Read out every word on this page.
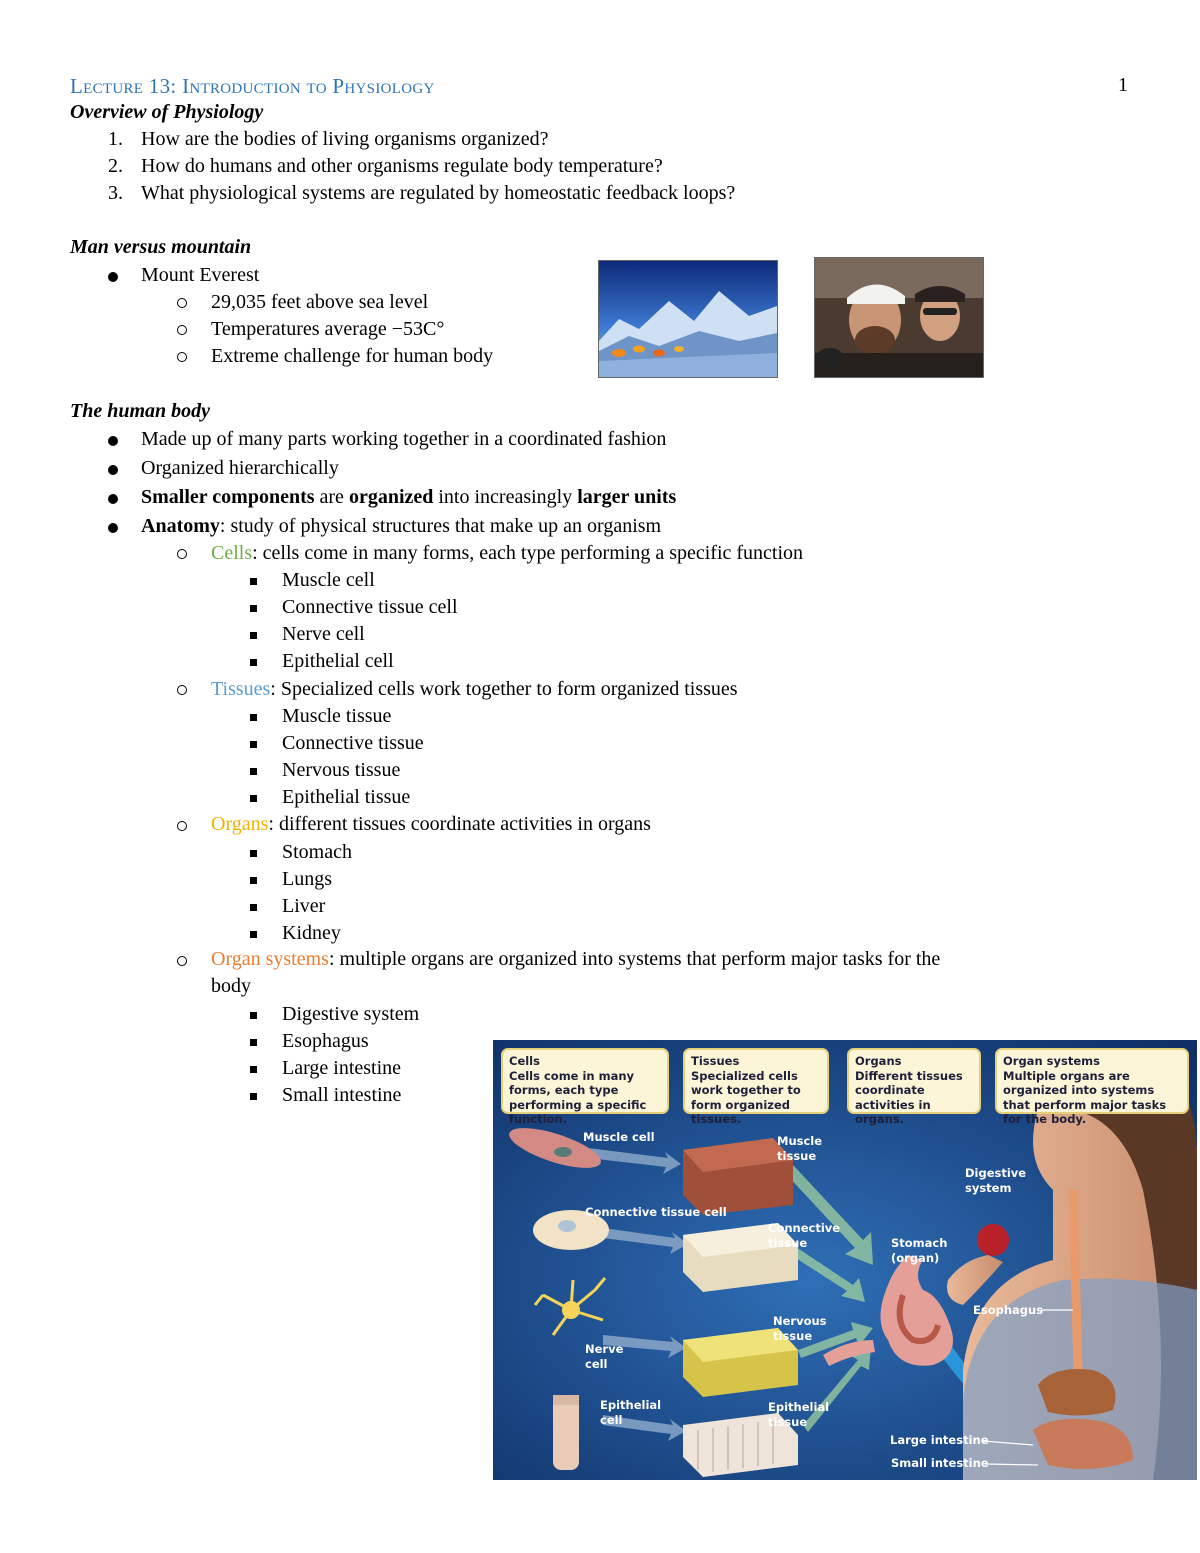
Lecture 13: Introduction to Physiology	1
Overview of Physiology
1. How are the bodies of living organisms organized?
2. How do humans and other organisms regulate body temperature?
3. What physiological systems are regulated by homeostatic feedback loops?
Man versus mountain
Mount Everest
29,035 feet above sea level
Temperatures average −53C°
Extreme challenge for human body
The human body
Made up of many parts working together in a coordinated fashion
Organized hierarchically
Smaller components are organized into increasingly larger units
Anatomy: study of physical structures that make up an organism
Cells: cells come in many forms, each type performing a specific function
Muscle cell
Connective tissue cell
Nerve cell
Epithelial cell
Tissues: Specialized cells work together to form organized tissues
Muscle tissue
Connective tissue
Nervous tissue
Epithelial tissue
Organs: different tissues coordinate activities in organs
Stomach
Lungs
Liver
Kidney
Organ systems: multiple organs are organized into systems that perform major tasks for the
body
Digestive system
Esophagus
Large intestine
Small intestine
Cells
Cells come in many forms, each type performing a specific function.
Tissues
Specialized cells work together to form organized tissues.
Organs
Different tissues coordinate activities in organs.
Organ systems
Multiple organs are organized into systems that perform major tasks for the body.
Muscle cell	Muscle tissue
Connective tissue cell
Connective tissue
Nerve cell
Nervous tissue
Epithelial cell
Epithelial tissue
Stomach (organ)
Digestive system
Esophagus
Large intestine
Small intestine
